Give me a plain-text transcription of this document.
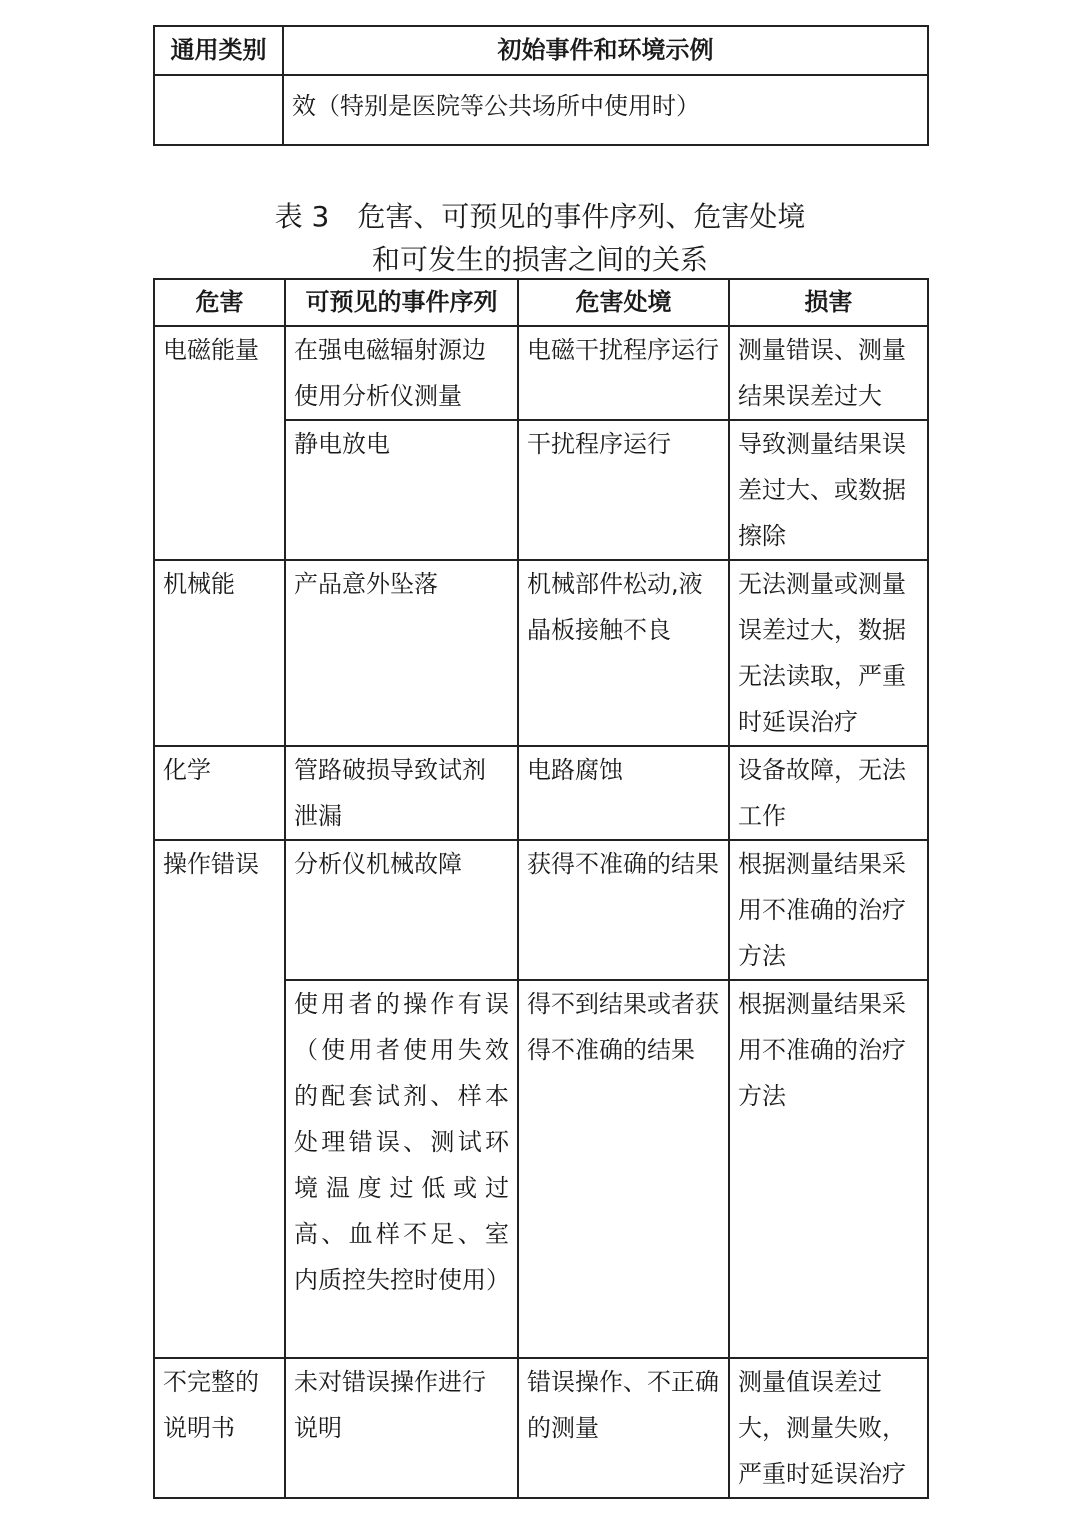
通用类别	初始事件和环境示例
	效（特别是医院等公共场所中使用时）
表 3　危害、可预见的事件序列、危害处境
和可发生的损害之间的关系
危害	可预见的事件序列	危害处境	损害
电磁能量	在强电磁辐射源边使用分析仪测量	电磁干扰程序运行	测量错误、测量结果误差过大
	静电放电	干扰程序运行	导致测量结果误差过大、或数据擦除
机械能	产品意外坠落	机械部件松动,液晶板接触不良	无法测量或测量误差过大，数据无法读取，严重时延误治疗
化学	管路破损导致试剂泄漏	电路腐蚀	设备故障，无法工作
操作错误	分析仪机械故障	获得不准确的结果	根据测量结果采用不准确的治疗方法
	使用者的操作有误（使用者使用失效的配套试剂、样本处理错误、测试环境温度过低或过高、血样不足、室内质控失控时使用）	得不到结果或者获得不准确的结果	根据测量结果采用不准确的治疗方法
不完整的说明书	未对错误操作进行说明	错误操作、不正确的测量	测量值误差过大，测量失败，严重时延误治疗
